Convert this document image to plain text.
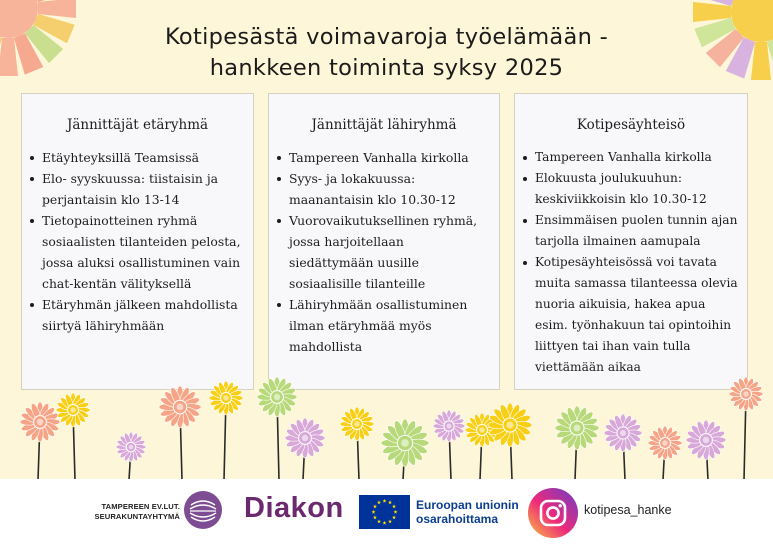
Kotipesästä voimavaroja työelämään -
hankkeen toiminta syksy 2025
Jännittäjät etäryhmä
Etäyhteyksillä Teamsissä
Elo- syyskuussa: tiistaisin ja perjantaisin klo 13-14
Tietopainotteinen ryhmä sosiaalisten tilanteiden pelosta, jossa aluksi osallistuminen vain chat-kentän välityksellä
Etäryhmän jälkeen mahdollista siirtyä lähiryhmään
Jännittäjät lähiryhmä
Tampereen Vanhalla kirkolla
Syys- ja lokakuussa: maanantaisin klo 10.30-12
Vuorovaikutuksellinen ryhmä, jossa harjoitellaan siedättymään uusille sosiaalisille tilanteille
Lähiryhmään osallistuminen ilman etäryhmää myös mahdollista
Kotipesäyhteisö
Tampereen Vanhalla kirkolla
Elokuusta joulukuuhun: keskiviikkoisin klo 10.30-12
Ensimmäisen puolen tunnin ajan tarjolla ilmainen aamupala
Kotipesäyhteisössä voi tavata muita samassa tilanteessa olevia nuoria aikuisia, hakea apua esim. työnhakuun tai opintoihin liittyen tai ihan vain tulla viettämään aikaa
TAMPEREEN EV.LUT.
SEURAKUNTAYHTYMÄ Diakon	Euroopan unionin
osarahoittama
kotipesa_hanke
